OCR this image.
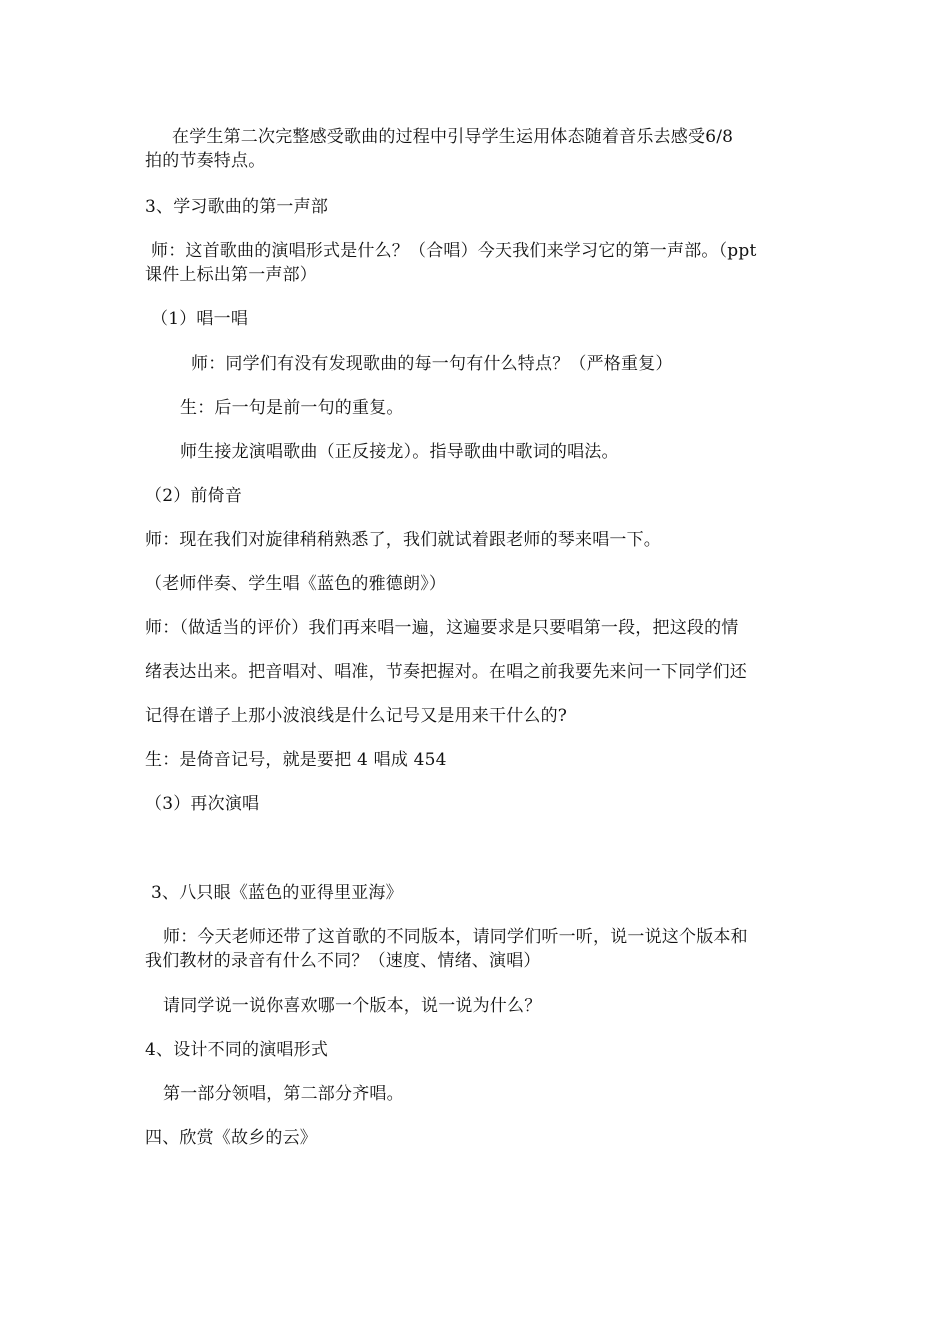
在学生第二次完整感受歌曲的过程中引导学生运用体态随着音乐去感受6/8
拍的节奏特点。
3、学习歌曲的第一声部
师：这首歌曲的演唱形式是什么？（合唱）今天我们来学习它的第一声部。（ppt
课件上标出第一声部）
（1）唱一唱
师：同学们有没有发现歌曲的每一句有什么特点？（严格重复）
生：后一句是前一句的重复。
师生接龙演唱歌曲（正反接龙）。指导歌曲中歌词的唱法。
（2）前倚音
师：现在我们对旋律稍稍熟悉了，我们就试着跟老师的琴来唱一下。
（老师伴奏、学生唱《蓝色的雅德朗》）
师：（做适当的评价）我们再来唱一遍，这遍要求是只要唱第一段，把这段的情
绪表达出来。把音唱对、唱准，节奏把握对。在唱之前我要先来问一下同学们还
记得在谱子上那小波浪线是什么记号又是用来干什么的?
生：是倚音记号，就是要把 4 唱成 454
（3）再次演唱
3、八只眼《蓝色的亚得里亚海》
师：今天老师还带了这首歌的不同版本，请同学们听一听，说一说这个版本和
我们教材的录音有什么不同？（速度、情绪、演唱）
请同学说一说你喜欢哪一个版本，说一说为什么？
4、设计不同的演唱形式
第一部分领唱，第二部分齐唱。
四、欣赏《故乡的云》
